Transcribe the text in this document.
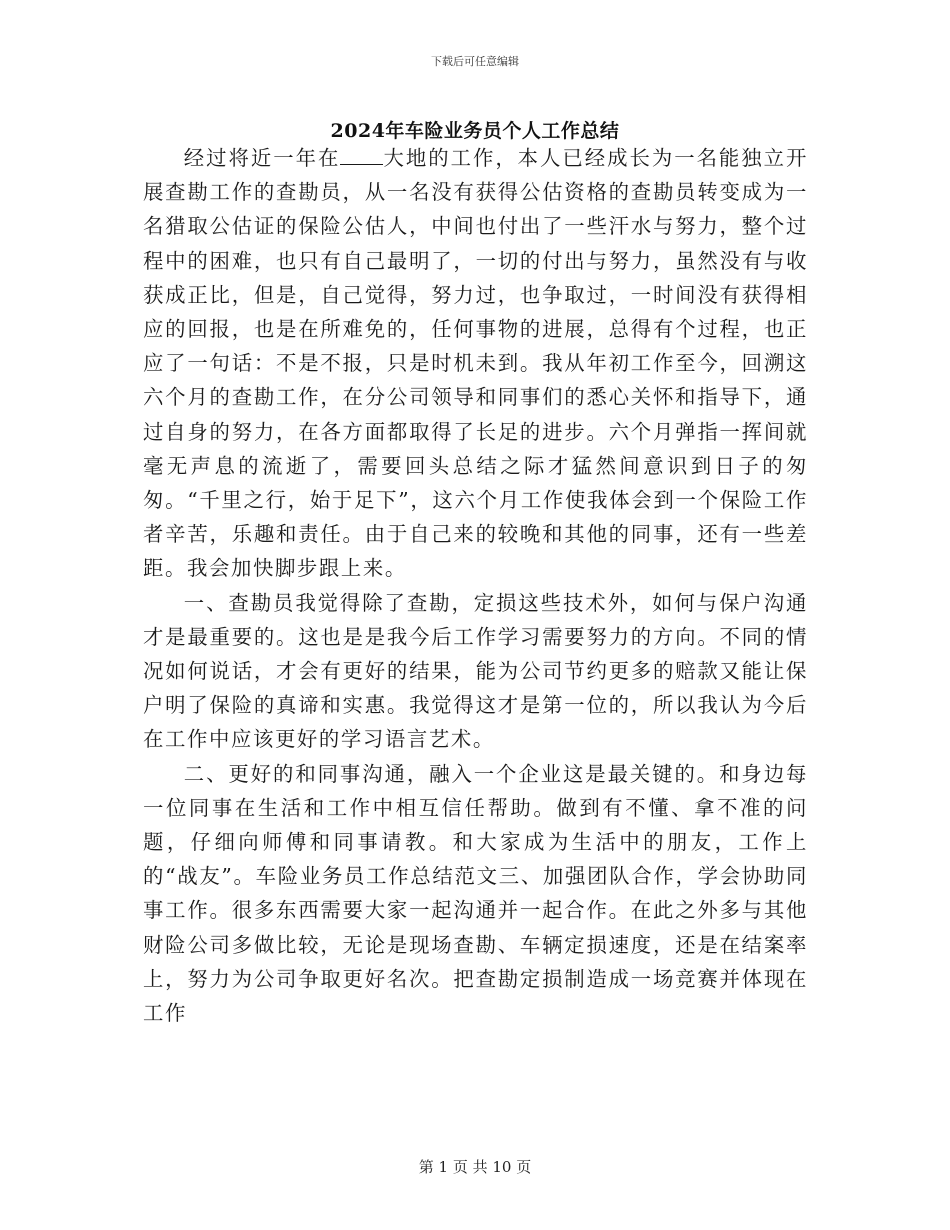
下载后可任意编辑
2024年车险业务员个人工作总结

经过将近一年在 大地的工作，本人已经成长为一名能独立开展查勘工作的查勘员，从一名没有获得公估资格的查勘员转变成为一名猎取公估证的保险公估人，中间也付出了一些汗水与努力，整个过程中的困难，也只有自己最明了，一切的付出与努力，虽然没有与收获成正比，但是，自己觉得，努力过，也争取过，一时间没有获得相应的回报，也是在所难免的，任何事物的进展，总得有个过程，也正应了一句话：不是不报，只是时机未到。我从年初工作至今，回溯这六个月的查勘工作，在分公司领导和同事们的悉心关怀和指导下，通过自身的努力，在各方面都取得了长足的进步。六个月弹指一挥间就毫无声息的流逝了，需要回头总结之际才猛然间意识到日子的匆匆。“千里之行，始于足下”，这六个月工作使我体会到一个保险工作者辛苦，乐趣和责任。由于自己来的较晚和其他的同事，还有一些差距。我会加快脚步跟上来。

一、查勘员我觉得除了查勘，定损这些技术外，如何与保户沟通才是最重要的。这也是是我今后工作学习需要努力的方向。不同的情况如何说话，才会有更好的结果，能为公司节约更多的赔款又能让保户明了保险的真谛和实惠。我觉得这才是第一位的，所以我认为今后在工作中应该更好的学习语言艺术。

二、更好的和同事沟通，融入一个企业这是最关键的。和身边每一位同事在生活和工作中相互信任帮助。做到有不懂、拿不准的问题，仔细向师傅和同事请教。和大家成为生活中的朋友，工作上的“战友”。车险业务员工作总结范文三、加强团队合作，学会协助同事工作。很多东西需要大家一起沟通并一起合作。在此之外多与其他财险公司多做比较，无论是现场查勘、车辆定损速度，还是在结案率上，努力为公司争取更好名次。把查勘定损制造成一场竞赛并体现在工作

第 1 页 共 10 页
